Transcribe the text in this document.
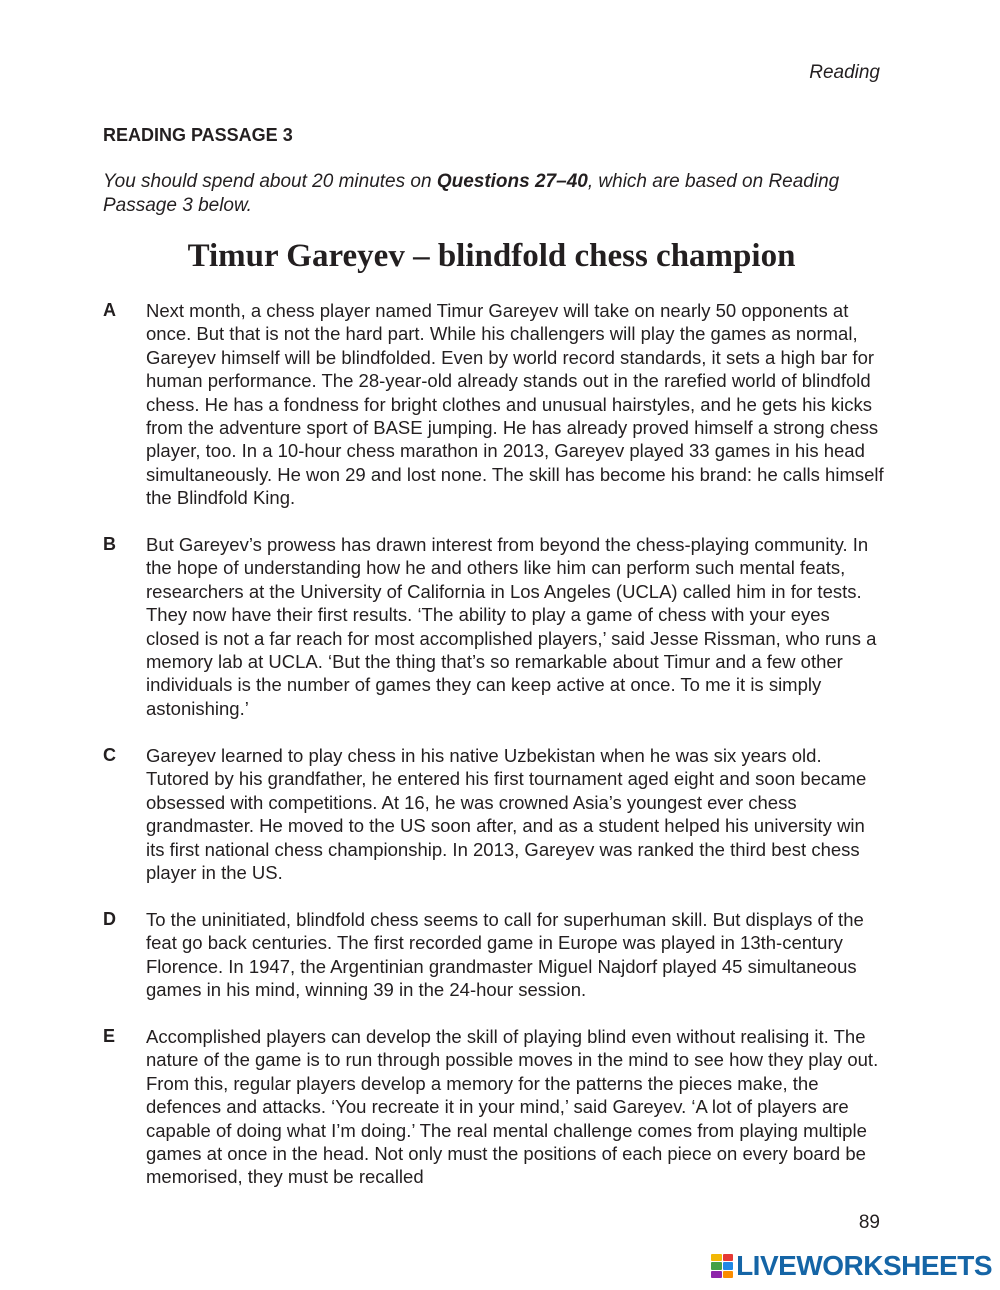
Reading
READING PASSAGE 3
You should spend about 20 minutes on Questions 27–40, which are based on Reading Passage 3 below.
Timur Gareyev – blindfold chess champion
A Next month, a chess player named Timur Gareyev will take on nearly 50 opponents at once. But that is not the hard part. While his challengers will play the games as normal, Gareyev himself will be blindfolded. Even by world record standards, it sets a high bar for human performance. The 28-year-old already stands out in the rarefied world of blindfold chess. He has a fondness for bright clothes and unusual hairstyles, and he gets his kicks from the adventure sport of BASE jumping. He has already proved himself a strong chess player, too. In a 10-hour chess marathon in 2013, Gareyev played 33 games in his head simultaneously. He won 29 and lost none. The skill has become his brand: he calls himself the Blindfold King.
B But Gareyev’s prowess has drawn interest from beyond the chess-playing community. In the hope of understanding how he and others like him can perform such mental feats, researchers at the University of California in Los Angeles (UCLA) called him in for tests. They now have their first results. ‘The ability to play a game of chess with your eyes closed is not a far reach for most accomplished players,’ said Jesse Rissman, who runs a memory lab at UCLA. ‘But the thing that’s so remarkable about Timur and a few other individuals is the number of games they can keep active at once. To me it is simply astonishing.’
C Gareyev learned to play chess in his native Uzbekistan when he was six years old. Tutored by his grandfather, he entered his first tournament aged eight and soon became obsessed with competitions. At 16, he was crowned Asia’s youngest ever chess grandmaster. He moved to the US soon after, and as a student helped his university win its first national chess championship. In 2013, Gareyev was ranked the third best chess player in the US.
D To the uninitiated, blindfold chess seems to call for superhuman skill. But displays of the feat go back centuries. The first recorded game in Europe was played in 13th-century Florence. In 1947, the Argentinian grandmaster Miguel Najdorf played 45 simultaneous games in his mind, winning 39 in the 24-hour session.
E Accomplished players can develop the skill of playing blind even without realising it. The nature of the game is to run through possible moves in the mind to see how they play out. From this, regular players develop a memory for the patterns the pieces make, the defences and attacks. ‘You recreate it in your mind,’ said Gareyev. ‘A lot of players are capable of doing what I’m doing.’ The real mental challenge comes from playing multiple games at once in the head. Not only must the positions of each piece on every board be memorised, they must be recalled
89
LIVEWORKSHEETS
